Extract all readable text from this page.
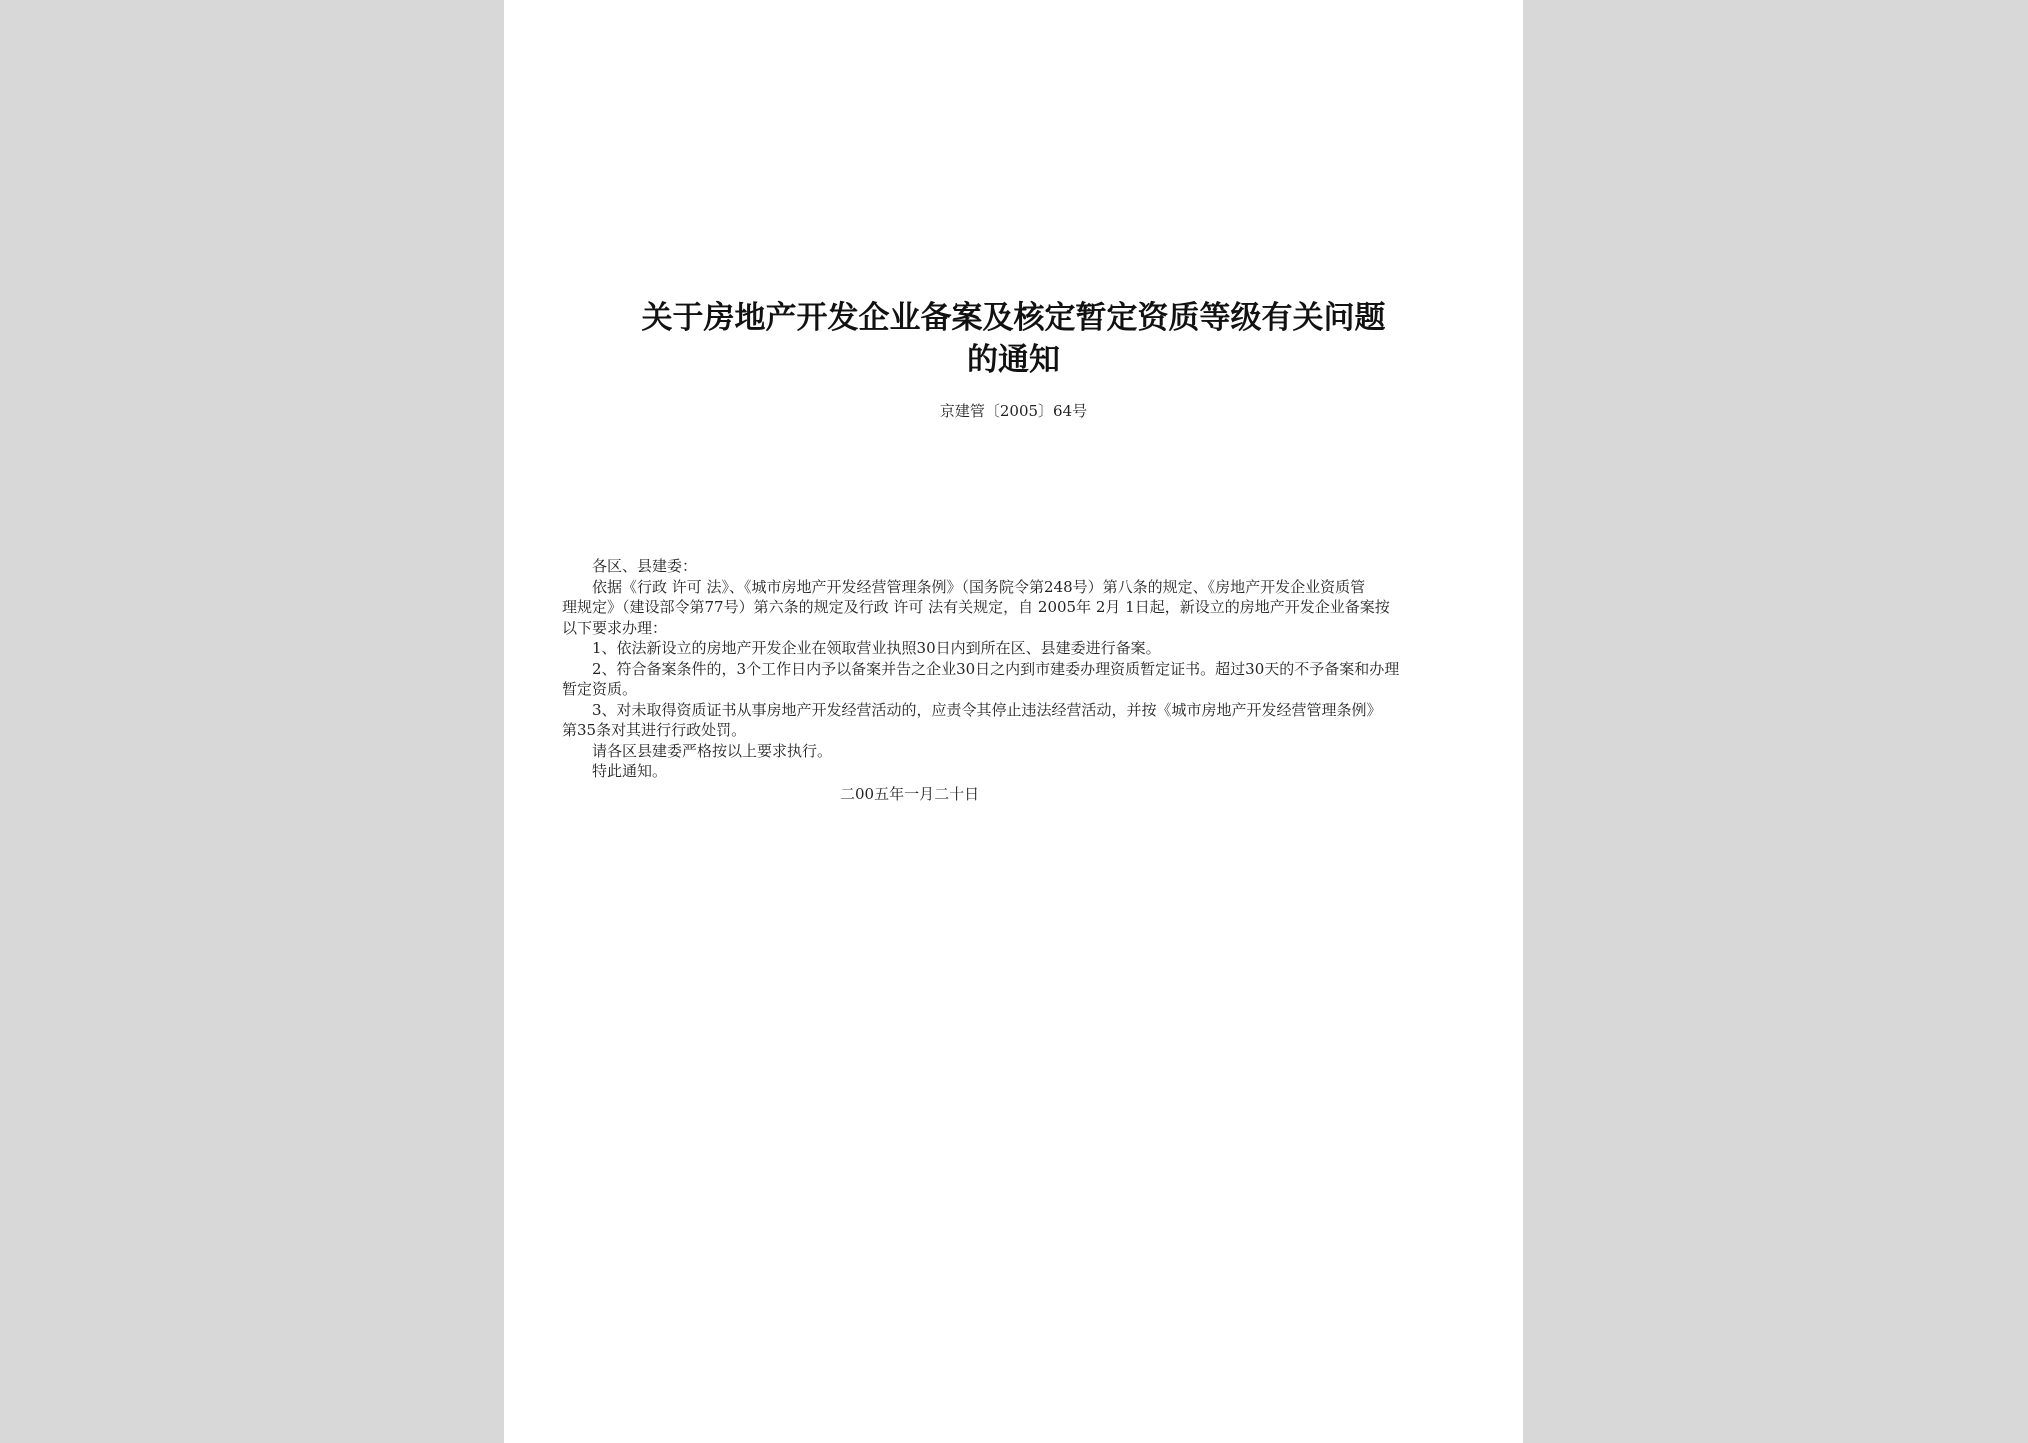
关于房地产开发企业备案及核定暂定资质等级有关问题
的通知
京建管〔2005〕64号
各区、县建委：
依据《行政 许可 法》、《城市房地产开发经营管理条例》（国务院令第248号）第八条的规定、《房地产开发企业资质管
理规定》（建设部令第77号）第六条的规定及行政 许可 法有关规定，自 2005年 2月 1日起，新设立的房地产开发企业备案按
以下要求办理：
1、依法新设立的房地产开发企业在领取营业执照30日内到所在区、县建委进行备案。
2、符合备案条件的，3个工作日内予以备案并告之企业30日之内到市建委办理资质暂定证书。超过30天的不予备案和办理
暂定资质。
3、对未取得资质证书从事房地产开发经营活动的，应责令其停止违法经营活动，并按《城市房地产开发经营管理条例》
第35条对其进行行政处罚。
请各区县建委严格按以上要求执行。
特此通知。
二00五年一月二十日
